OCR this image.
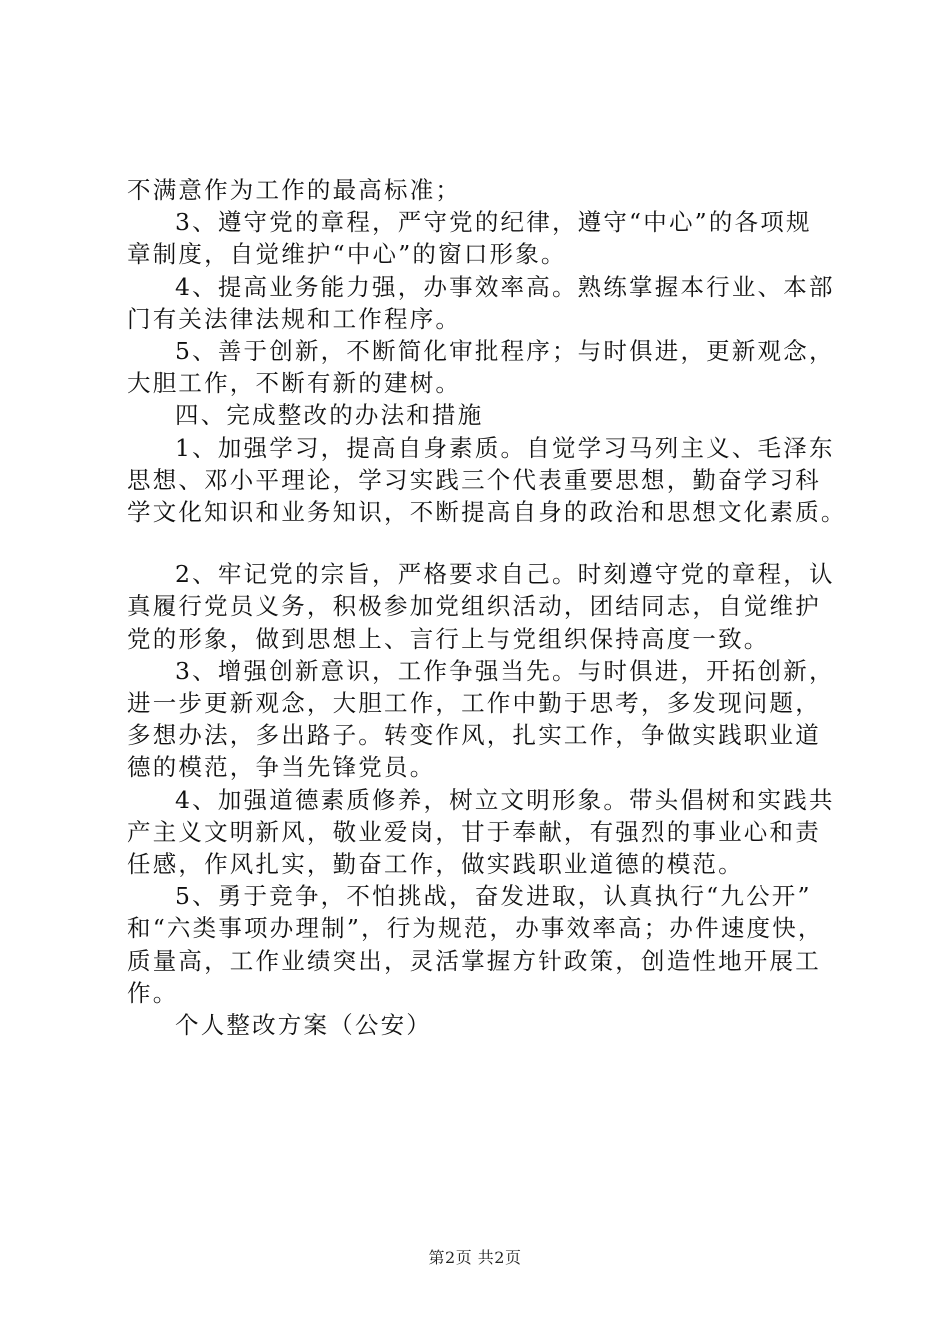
不满意作为工作的最高标准；
3、遵守党的章程，严守党的纪律，遵守“中心”的各项规
章制度，自觉维护“中心”的窗口形象。
4、提高业务能力强，办事效率高。熟练掌握本行业、本部
门有关法律法规和工作程序。
5、善于创新，不断简化审批程序；与时俱进，更新观念，
大胆工作，不断有新的建树。
四、完成整改的办法和措施
1、加强学习，提高自身素质。自觉学习马列主义、毛泽东
思想、邓小平理论，学习实践三个代表重要思想，勤奋学习科
学文化知识和业务知识，不断提高自身的政治和思想文化素质。
2、牢记党的宗旨，严格要求自己。时刻遵守党的章程，认
真履行党员义务，积极参加党组织活动，团结同志，自觉维护
党的形象，做到思想上、言行上与党组织保持高度一致。
3、增强创新意识，工作争强当先。与时俱进，开拓创新，
进一步更新观念，大胆工作，工作中勤于思考，多发现问题，
多想办法，多出路子。转变作风，扎实工作，争做实践职业道
德的模范，争当先锋党员。
4、加强道德素质修养，树立文明形象。带头倡树和实践共
产主义文明新风，敬业爱岗，甘于奉献，有强烈的事业心和责
任感，作风扎实，勤奋工作，做实践职业道德的模范。
5、勇于竞争，不怕挑战，奋发进取，认真执行“九公开”
和“六类事项办理制”，行为规范，办事效率高；办件速度快，
质量高，工作业绩突出，灵活掌握方针政策，创造性地开展工
作。
个人整改方案（公安）
第2页 共2页
